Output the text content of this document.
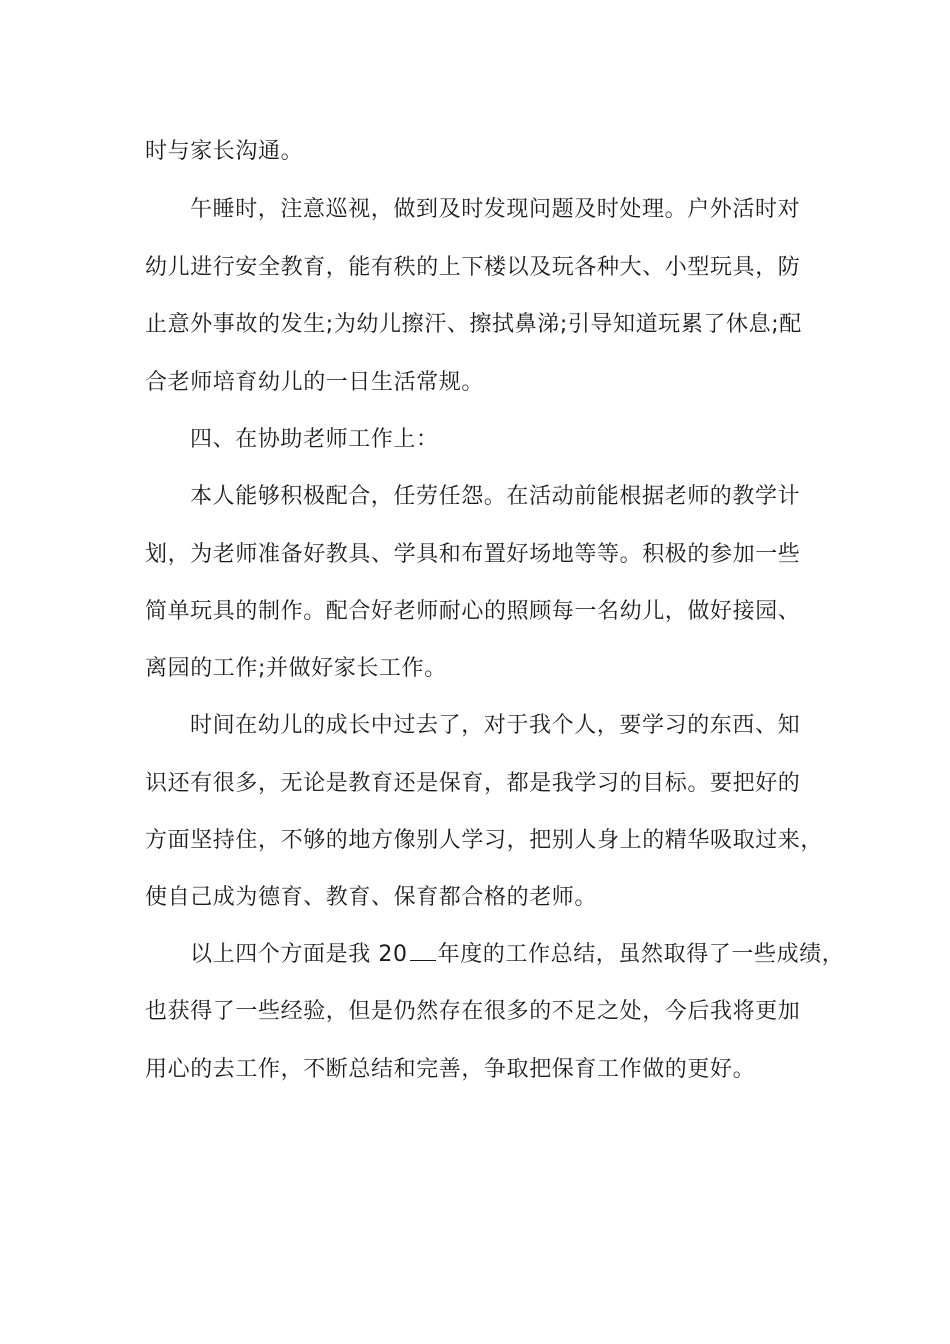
时与家长沟通。
午睡时，注意巡视，做到及时发现问题及时处理。户外活时对
幼儿进行安全教育，能有秩的上下楼以及玩各种大、小型玩具，防
止意外事故的发生;为幼儿擦汗、擦拭鼻涕;引导知道玩累了休息;配
合老师培育幼儿的一日生活常规。
四、在协助老师工作上：
本人能够积极配合，任劳任怨。在活动前能根据老师的教学计
划，为老师准备好教具、学具和布置好场地等等。积极的参加一些
简单玩具的制作。配合好老师耐心的照顾每一名幼儿，做好接园、
离园的工作;并做好家长工作。
时间在幼儿的成长中过去了，对于我个人，要学习的东西、知
识还有很多，无论是教育还是保育，都是我学习的目标。要把好的
方面坚持住，不够的地方像别人学习，把别人身上的精华吸取过来，
使自己成为德育、教育、保育都合格的老师。
以上四个方面是我 20 年度的工作总结，虽然取得了一些成绩，
也获得了一些经验，但是仍然存在很多的不足之处，今后我将更加
用心的去工作，不断总结和完善，争取把保育工作做的更好。
